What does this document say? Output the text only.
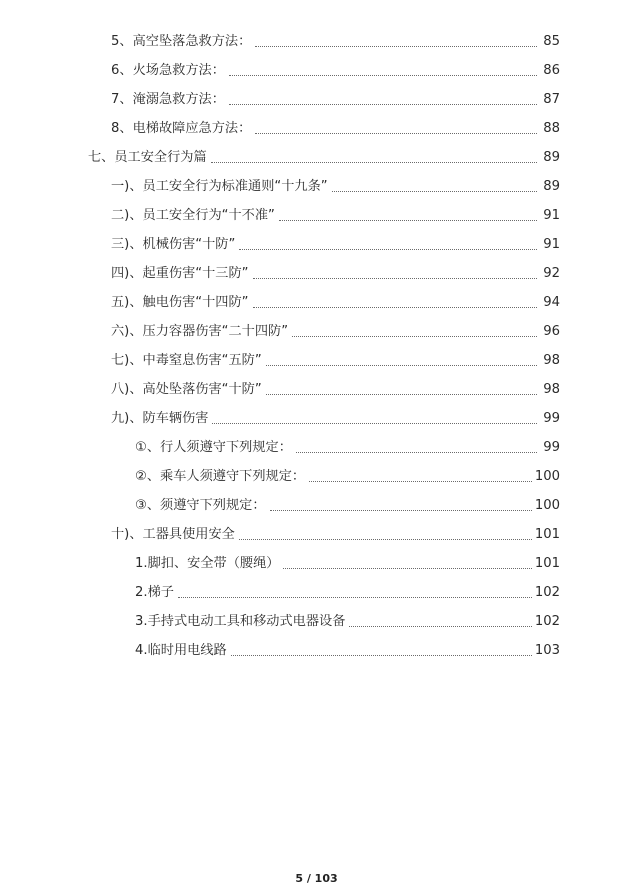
5、高空坠落急救方法：	85
6、火场急救方法：	86
7、淹溺急救方法：	87
8、电梯故障应急方法：	88
七、员工安全行为篇	89
一)、员工安全行为标准通则“十九条”	89
二)、员工安全行为“十不准”	91
三)、机械伤害“十防”	91
四)、起重伤害“十三防”	92
五)、触电伤害“十四防”	94
六)、压力容器伤害“二十四防”	96
七)、中毒窒息伤害“五防”	98
八)、高处坠落伤害“十防”	98
九)、防车辆伤害	99
①、行人须遵守下列规定：	99
②、乘车人须遵守下列规定：	100
③、须遵守下列规定：	100
十)、工器具使用安全	101
1.脚扣、安全带（腰绳）	101
2.梯子	102
3.手持式电动工具和移动式电器设备	102
4.临时用电线路	103
5 / 103
